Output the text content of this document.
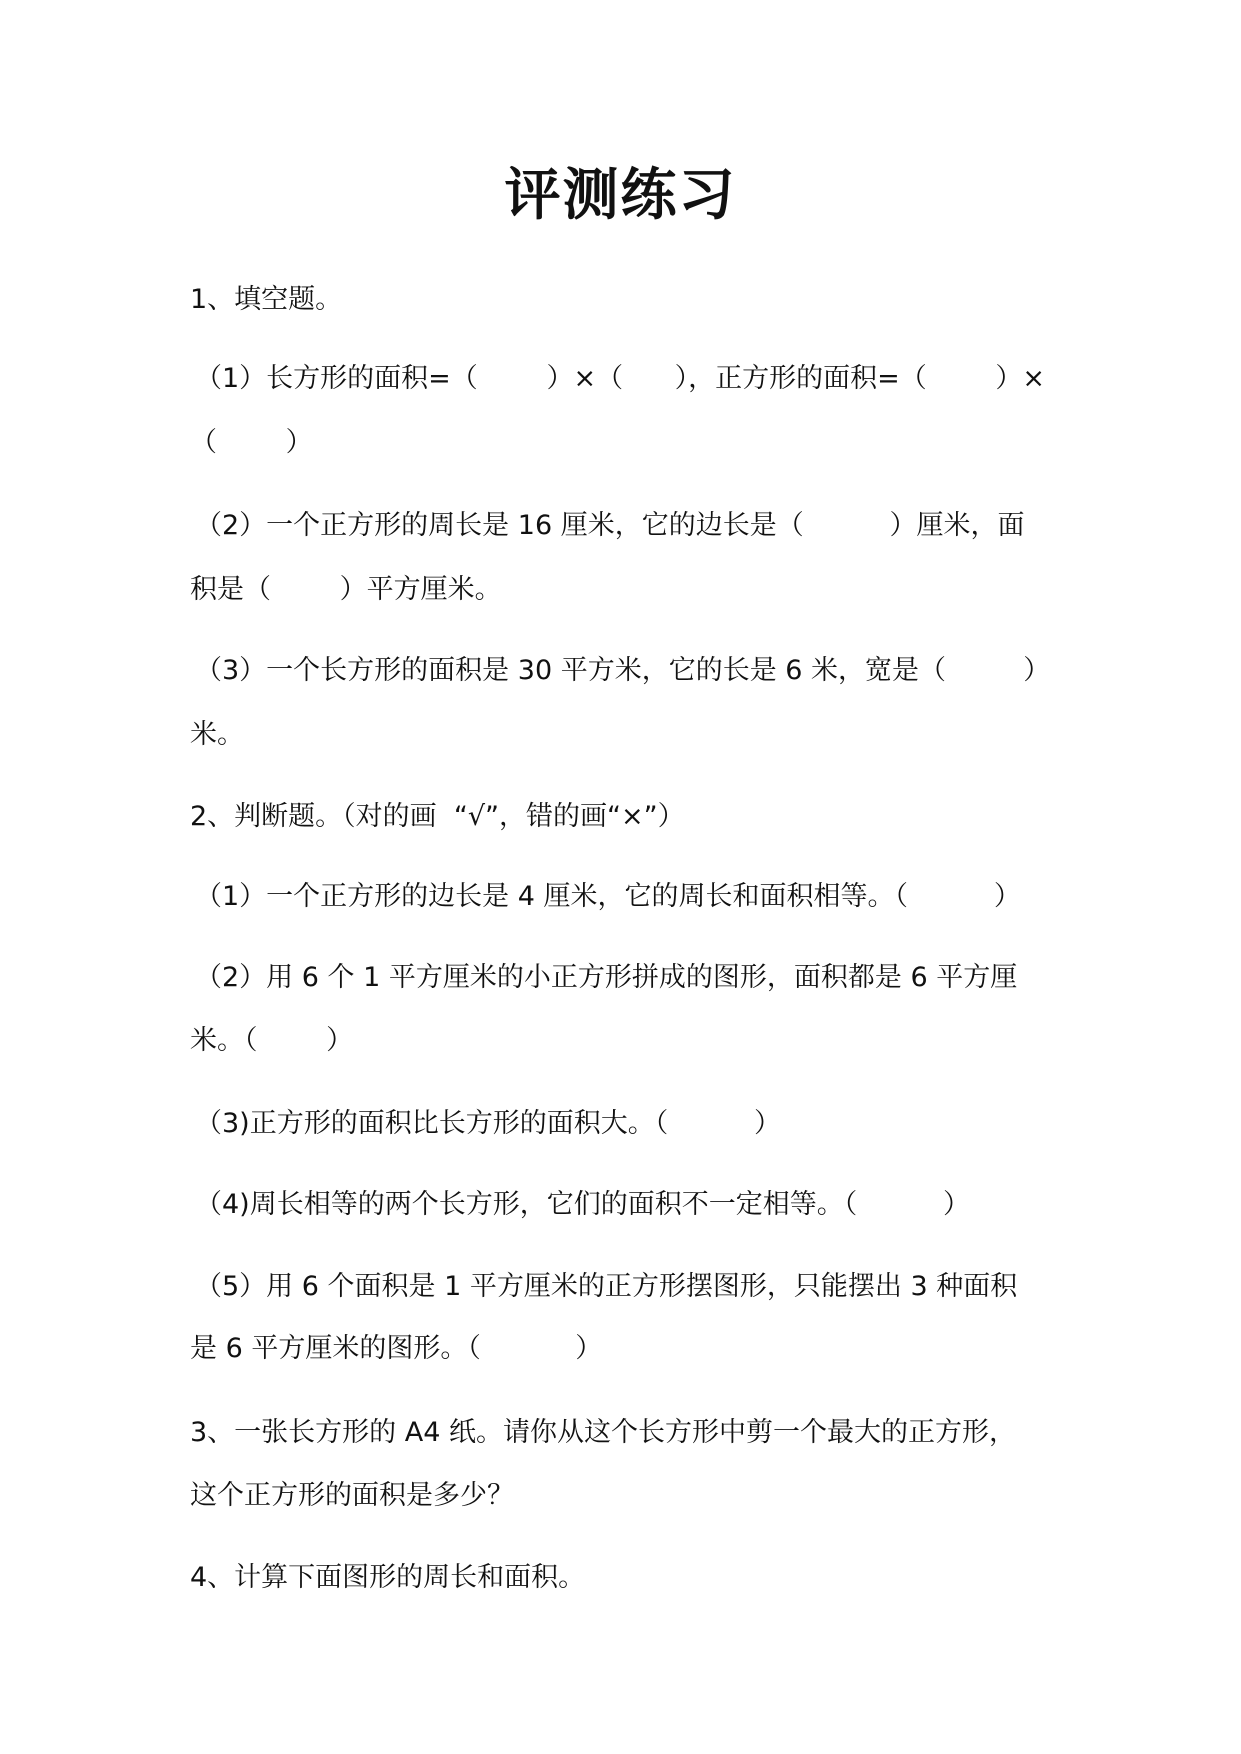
评测练习
1、填空题。
（1）长方形的面积=（        ）×（      ），正方形的面积=（        ）×
（        ）
（2）一个正方形的周长是 16 厘米，它的边长是（          ）厘米，面
积是（        ）平方厘米。
（3）一个长方形的面积是 30 平方米，它的长是 6 米，宽是（         ）
米。
2、判断题。（对的画  “√”，错的画“×”）
（1）一个正方形的边长是 4 厘米，它的周长和面积相等。（          ）
（2）用 6 个 1 平方厘米的小正方形拼成的图形，面积都是 6 平方厘
米。（        ）
（3)正方形的面积比长方形的面积大。（          ）
（4)周长相等的两个长方形，它们的面积不一定相等。（          ）
（5）用 6 个面积是 1 平方厘米的正方形摆图形，只能摆出 3 种面积
是 6 平方厘米的图形。（           ）
3、一张长方形的 A4 纸。请你从这个长方形中剪一个最大的正方形，
这个正方形的面积是多少？
4、计算下面图形的周长和面积。
